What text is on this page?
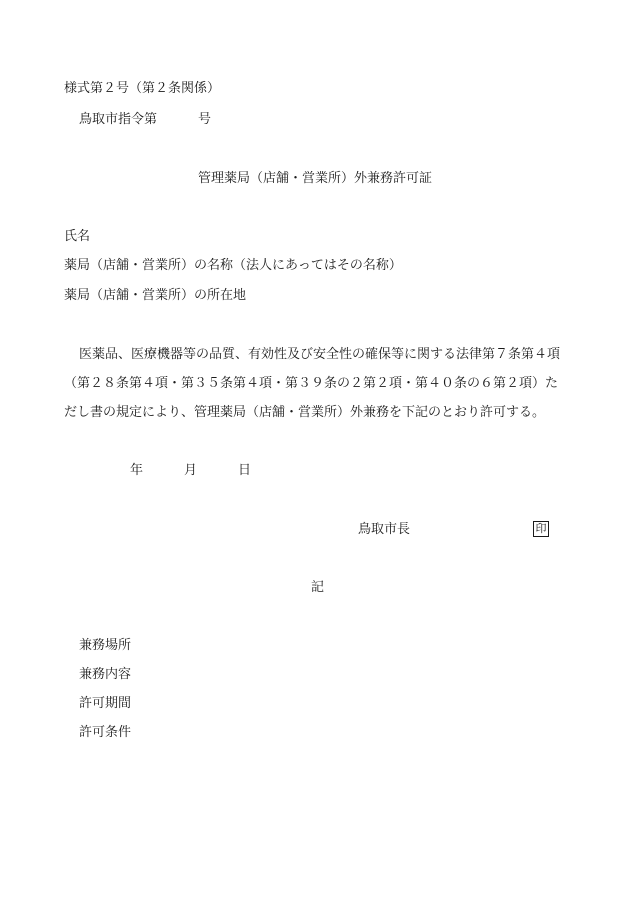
様式第２号（第２条関係）
鳥取市指令第	号
管理薬局（店舗・営業所）外兼務許可証
氏名
薬局（店舗・営業所）の名称（法人にあってはその名称）
薬局（店舗・営業所）の所在地
医薬品、医療機器等の品質、有効性及び安全性の確保等に関する法律第７条第４項
（第２８条第４項・第３５条第４項・第３９条の２第２項・第４０条の６第２項）た
だし書の規定により、管理薬局（店舗・営業所）外兼務を下記のとおり許可する。
年	月	日
鳥取市長	印
記
兼務場所
兼務内容
許可期間
許可条件
